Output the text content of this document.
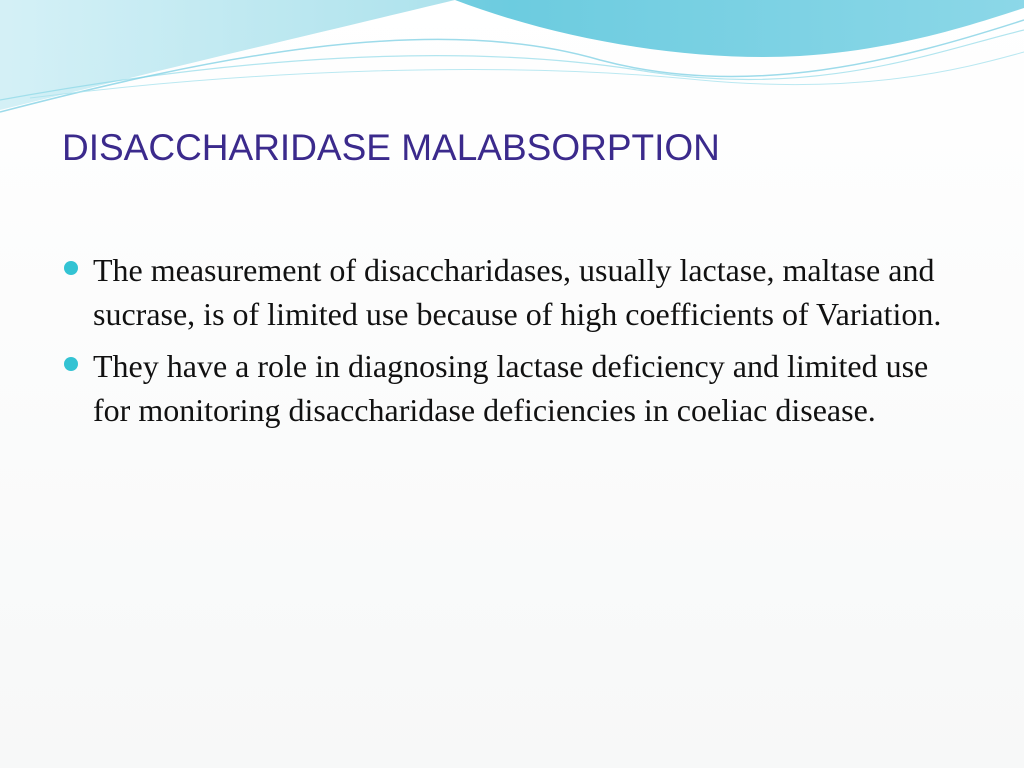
DISACCHARIDASE MALABSORPTION
The measurement of disaccharidases, usually lactase, maltase and sucrase, is of limited use because of high coefficients of Variation.
They have a role in diagnosing lactase deficiency and limited use for monitoring disaccharidase deficiencies in coeliac disease.
